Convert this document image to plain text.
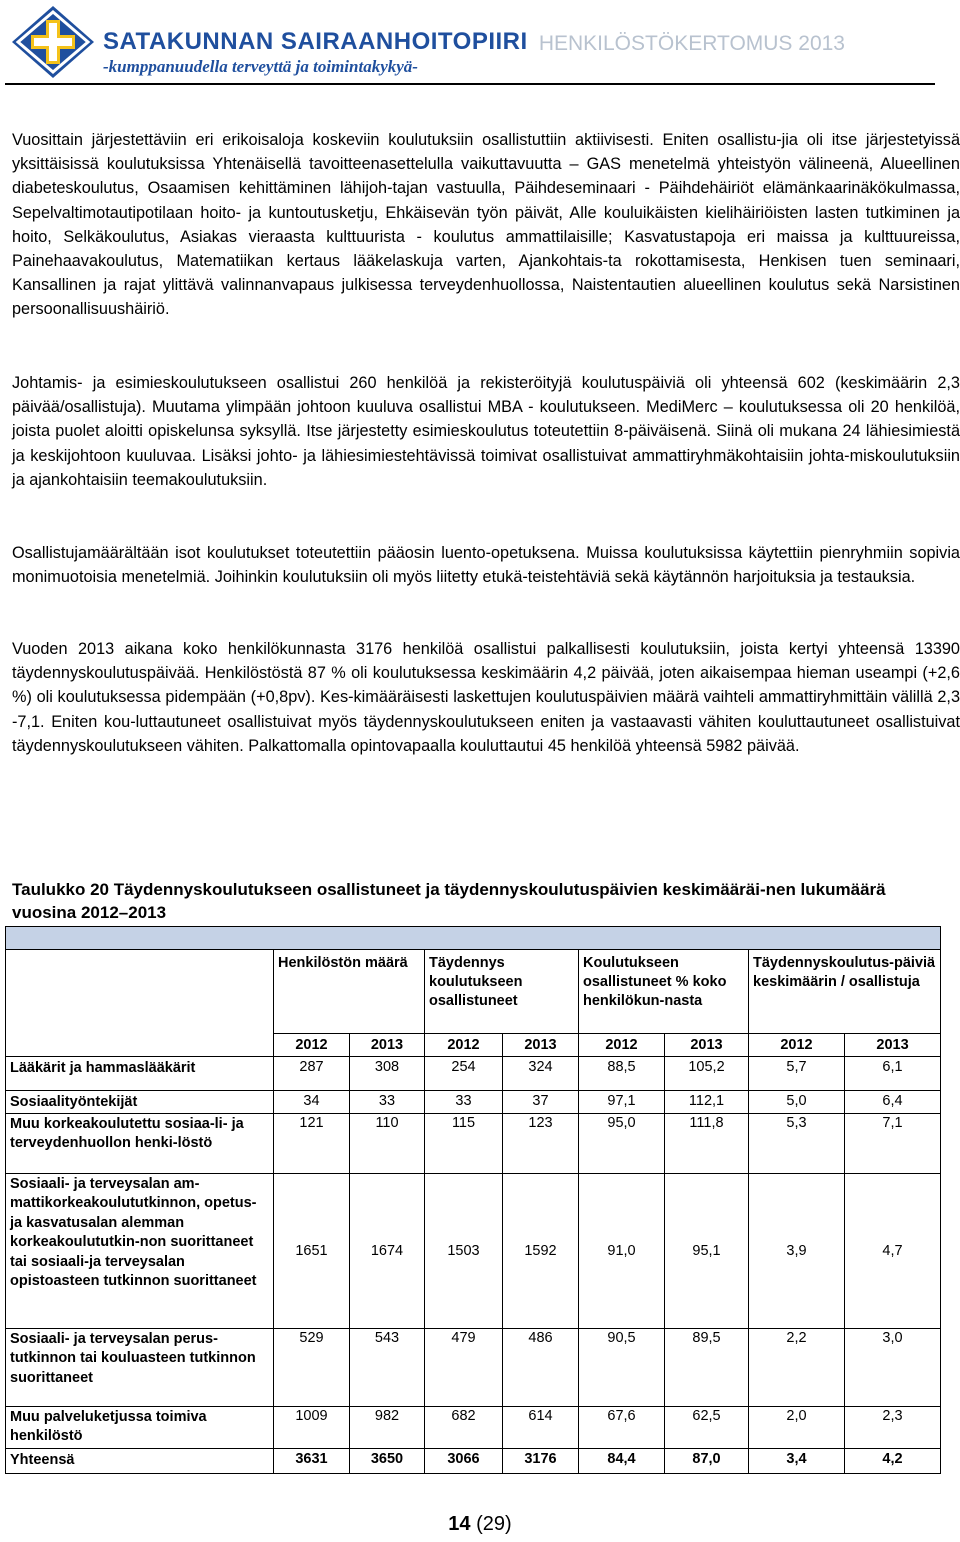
SATAKUNNAN SAIRAANHOITOPIIRI
-kumppanuudella terveyttä ja toimintakykyä-
HENKILÖSTÖKERTOMUS 2013

Vuosittain järjestettäviin eri erikoisaloja koskeviin koulutuksiin osallistuttiin aktiivisesti. Eniten osallistu-jia oli itse järjestetyissä yksittäisissä koulutuksissa Yhtenäisellä tavoitteenasettelulla vaikuttavuutta – GAS menetelmä yhteistyön välineenä, Alueellinen diabeteskoulutus, Osaamisen kehittäminen lähijoh-tajan vastuulla, Päihdeseminaari - Päihdehäiriöt elämänkaarinäkökulmassa, Sepelvaltimotautipotilaan hoito- ja kuntoutusketju, Ehkäisevän työn päivät, Alle kouluikäisten kielihäiriöisten lasten tutkiminen ja hoito, Selkäkoulutus, Asiakas vieraasta kulttuurista - koulutus ammattilaisille; Kasvatustapoja eri maissa ja kulttuureissa, Painehaavakoulutus, Matematiikan kertaus lääkelaskuja varten, Ajankohtais-ta rokottamisesta, Henkisen tuen seminaari, Kansallinen ja rajat ylittävä valinnanvapaus julkisessa terveydenhuollossa, Naistentautien alueellinen koulutus sekä Narsistinen persoonallisuushäiriö.

Johtamis- ja esimieskoulutukseen osallistui 260 henkilöä ja rekisteröityjä koulutuspäiviä oli yhteensä 602 (keskimäärin 2,3 päivää/osallistuja). Muutama ylimpään johtoon kuuluva osallistui MBA - koulutukseen. MediMerc – koulutuksessa oli 20 henkilöä, joista puolet aloitti opiskelunsa syksyllä. Itse järjestetty esimieskoulutus toteutettiin 8-päiväisenä. Siinä oli mukana 24 lähiesimiestä ja keskijohtoon kuuluvaa. Lisäksi johto- ja lähiesimiestehtävissä toimivat osallistuivat ammattiryhmäkohtaisiin johta-miskoulutuksiin ja ajankohtaisiin teemakoulutuksiin.

Osallistujamäärältään isot koulutukset toteutettiin pääosin luento-opetuksena. Muissa koulutuksissa käytettiin pienryhmiin sopivia monimuotoisia menetelmiä. Joihinkin koulutuksiin oli myös liitetty etukä-teistehtäviä sekä käytännön harjoituksia ja testauksia.

Vuoden 2013 aikana koko henkilökunnasta 3176 henkilöä osallistui palkallisesti koulutuksiin, joista kertyi yhteensä 13390 täydennyskoulutuspäivää. Henkilöstöstä 87 % oli koulutuksessa keskimäärin 4,2 päivää, joten aikaisempaa hieman useampi (+2,6 %) oli koulutuksessa pidempään (+0,8pv). Kes-kimääräisesti laskettujen koulutuspäivien määrä vaihteli ammattiryhmittäin välillä 2,3 -7,1. Eniten kou-luttautuneet osallistuivat myös täydennyskoulutukseen eniten ja vastaavasti vähiten kouluttautuneet osallistuivat täydennyskoulutukseen vähiten. Palkattomalla opintovapaalla kouluttautui 45 henkilöä yhteensä 5982 päivää.

Taulukko 20 Täydennyskoulutukseen osallistuneet ja täydennyskoulutuspäivien keskimääräi-nen lukumäärä vuosina 2012–2013

	Henkilöstön määrä		Täydennys koulutukseen osallistuneet		Koulutukseen osallistuneet % koko henkilökun-nasta		Täydennyskoulutus-päiviä keskimäärin / osallistuja	
	2012	2013	2012	2013	2012	2013	2012	2013
Lääkärit ja hammaslääkärit	287	308	254	324	88,5	105,2	5,7	6,1
Sosiaalityöntekijät	34	33	33	37	97,1	112,1	5,0	6,4
Muu korkeakoulutettu sosiaa-li- ja terveydenhuollon henki-löstö	121	110	115	123	95,0	111,8	5,3	7,1
Sosiaali- ja terveysalan am-mattikorkeakoulututkinnon, opetus- ja kasvatusalan alemman korkeakoulututkin-non suorittaneet tai sosiaali-ja terveysalan opistoasteen tutkinnon suorittaneet	1651	1674	1503	1592	91,0	95,1	3,9	4,7
Sosiaali- ja terveysalan perus-tutkinnon tai kouluasteen tutkinnon suorittaneet	529	543	479	486	90,5	89,5	2,2	3,0
Muu palveluketjussa toimiva henkilöstö	1009	982	682	614	67,6	62,5	2,0	2,3
Yhteensä	3631	3650	3066	3176	84,4	87,0	3,4	4,2
14 (29)
